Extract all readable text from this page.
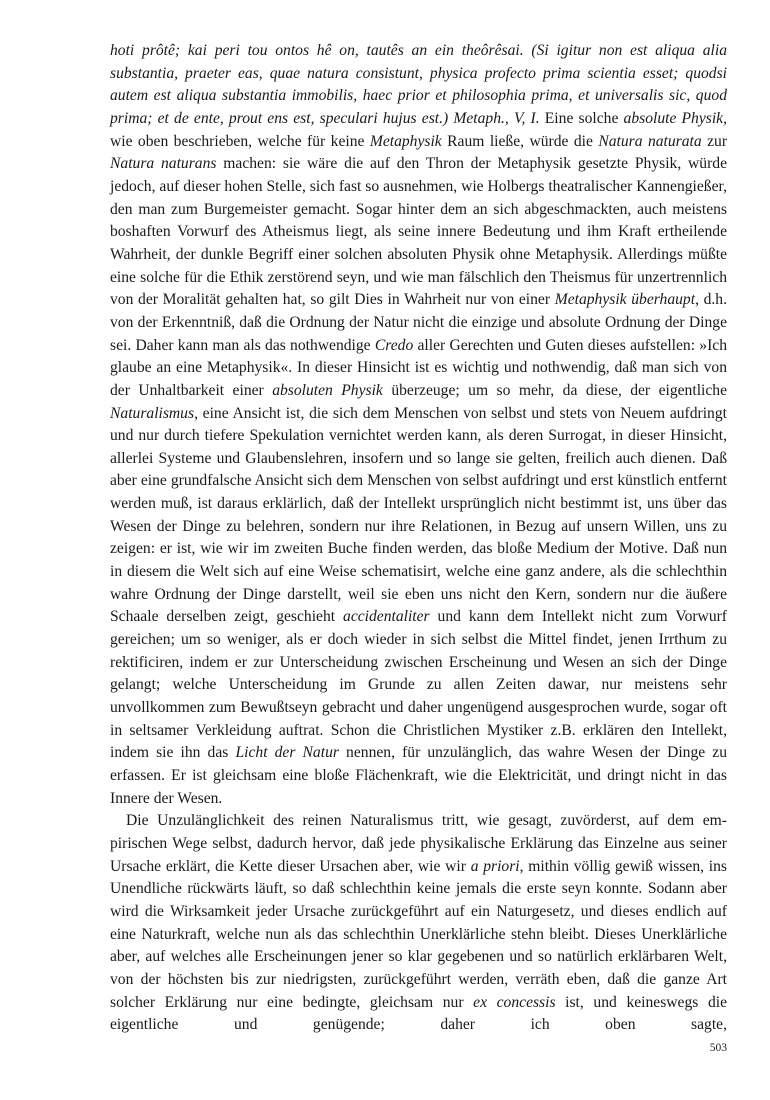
hoti prôtê; kai peri tou ontos hê on, tautês an ein theôrêsai. (Si igitur non est aliqua alia substantia, praeter eas, quae natura consistunt, physica profecto prima scientia esset; quodsi autem est aliqua substantia immobilis, haec prior et philosophia prima, et universalis sic, quod prima; et de ente, prout ens est, speculari hujus est.) Metaph., V, I. Eine solche absolute Physik, wie oben beschrieben, welche für keine Metaphysik Raum ließe, würde die Natura naturata zur Natura naturans machen: sie wäre die auf den Thron der Metaphysik gesetzte Physik, würde jedoch, auf dieser hohen Stelle, sich fast so ausnehmen, wie Holbergs theatralischer Kannengießer, den man zum Burgemeister gemacht. Sogar hinter dem an sich abgeschmackten, auch meistens boshaften Vorwurf des Atheismus liegt, als seine innere Bedeutung und ihm Kraft ertheilende Wahrheit, der dunkle Begriff einer solchen absoluten Physik ohne Metaphysik. Allerdings müßte eine solche für die Ethik zerstörend seyn, und wie man fälschlich den Theismus für unzertrennlich von der Moralität gehalten hat, so gilt Dies in Wahrheit nur von einer Metaphysik überhaupt, d.h. von der Erkenntniß, daß die Ordnung der Natur nicht die einzige und absolute Ordnung der Dinge sei. Daher kann man als das nothwendige Credo aller Gerechten und Guten dieses aufstellen: »Ich glaube an eine Metaphysik«. In dieser Hinsicht ist es wichtig und nothwendig, daß man sich von der Unhaltbarkeit einer absoluten Physik überzeuge; um so mehr, da diese, der eigentliche Naturalismus, eine Ansicht ist, die sich dem Menschen von selbst und stets von Neuem aufdringt und nur durch tiefere Spekulation vernichtet werden kann, als deren Surrogat, in dieser Hinsicht, allerlei Systeme und Glaubenslehren, insofern und so lange sie gelten, freilich auch dienen. Daß aber eine grundfalsche Ansicht sich dem Menschen von selbst aufdringt und erst künstlich entfernt werden muß, ist daraus erklärlich, daß der Intellekt ursprünglich nicht bestimmt ist, uns über das Wesen der Dinge zu belehren, sondern nur ihre Relationen, in Bezug auf unsern Willen, uns zu zeigen: er ist, wie wir im zweiten Buche finden werden, das bloße Medium der Motive. Daß nun in diesem die Welt sich auf eine Weise schematisirt, welche eine ganz andere, als die schlechthin wahre Ordnung der Dinge darstellt, weil sie eben uns nicht den Kern, sondern nur die äußere Schaale derselben zeigt, geschieht accidentaliter und kann dem Intellekt nicht zum Vorwurf gereichen; um so weniger, als er doch wieder in sich selbst die Mittel findet, jenen Irrthum zu rektificiren, indem er zur Unterscheidung zwischen Erscheinung und Wesen an sich der Dinge gelangt; welche Unterscheidung im Grunde zu allen Zeiten dawar, nur meistens sehr unvollkommen zum Bewußtseyn gebracht und daher ungenügend ausgesprochen wurde, sogar oft in seltsamer Verkleidung auftrat. Schon die Christlichen Mystiker z.B. erklären den Intellekt, indem sie ihn das Licht der Natur nennen, für unzulänglich, das wahre Wesen der Dinge zu erfassen. Er ist gleichsam eine bloße Flächenkraft, wie die Elektricität, und dringt nicht in das Innere der Wesen.

Die Unzulänglichkeit des reinen Naturalismus tritt, wie gesagt, zuvörderst, auf dem empirischen Wege selbst, dadurch hervor, daß jede physikalische Erklärung das Einzelne aus seiner Ursache erklärt, die Kette dieser Ursachen aber, wie wir a priori, mithin völlig gewiß wissen, ins Unendliche rückwärts läuft, so daß schlechthin keine jemals die erste seyn konnte. Sodann aber wird die Wirksamkeit jeder Ursache zurückgeführt auf ein Naturgesetz, und dieses endlich auf eine Naturkraft, welche nun als das schlechthin Unerklärliche stehn bleibt. Dieses Unerklärliche aber, auf welches alle Erscheinungen jener so klar gegebenen und so natürlich erklärbaren Welt, von der höchsten bis zur niedrigsten, zurückgeführt werden, verräth eben, daß die ganze Art solcher Erklärung nur eine bedingte, gleichsam nur ex concessis ist, und keineswegs die eigentliche und genügende; daher ich oben sagte,

503
